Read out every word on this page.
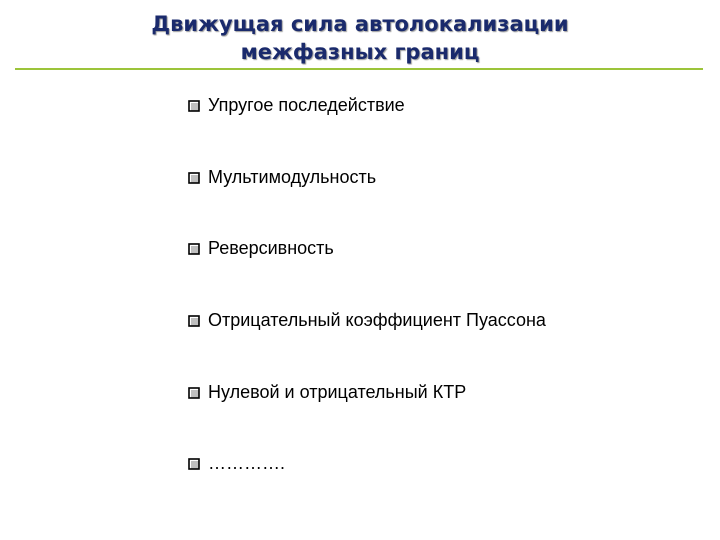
Движущая сила автолокализации
межфазных границ
Упругое последействие
Мультимодульность
Реверсивность
Отрицательный коэффициент Пуассона
Нулевой и отрицательный КТР
………….
